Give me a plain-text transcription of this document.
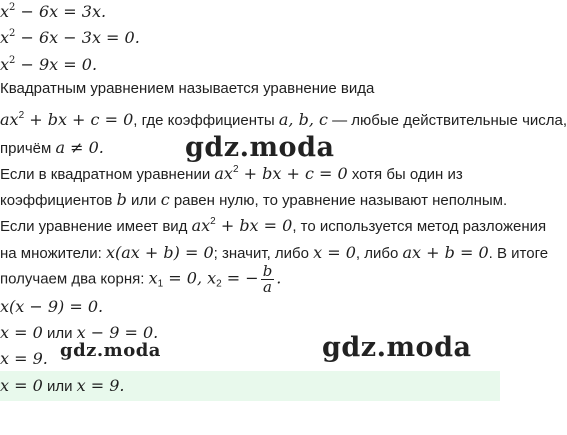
$x^2 - 6x = 3x$.
$x^2 - 6x - 3x = 0$.
$x^2 - 9x = 0$.
Квадратным уравнением называется уравнение вида
$ax^2$ + bx + c = 0, где коэффициенты a, b, c — любые действительные числа,
причём a ≠ 0.
Если в квадратном уравнении $ax^2$ + bx + c = 0 хотя бы один из
коэффициентов b или c равен нулю, то уравнение называют неполным.
Если уравнение имеет вид $ax^2$ + bx = 0, то используется метод разложения
на множители: x(ax + b) = 0; значит, либо x = 0, либо ax + b = 0. В итоге
получаем два корня: $x_1 = 0$, $x_2$ = − $\frac{b}{a}$ .
x(x − 9) = 0.
x = 0 или x − 9 = 0.
x = 9.
x = 0 или x = 9.
gdz.moda
gdz.moda	gdz.moda
